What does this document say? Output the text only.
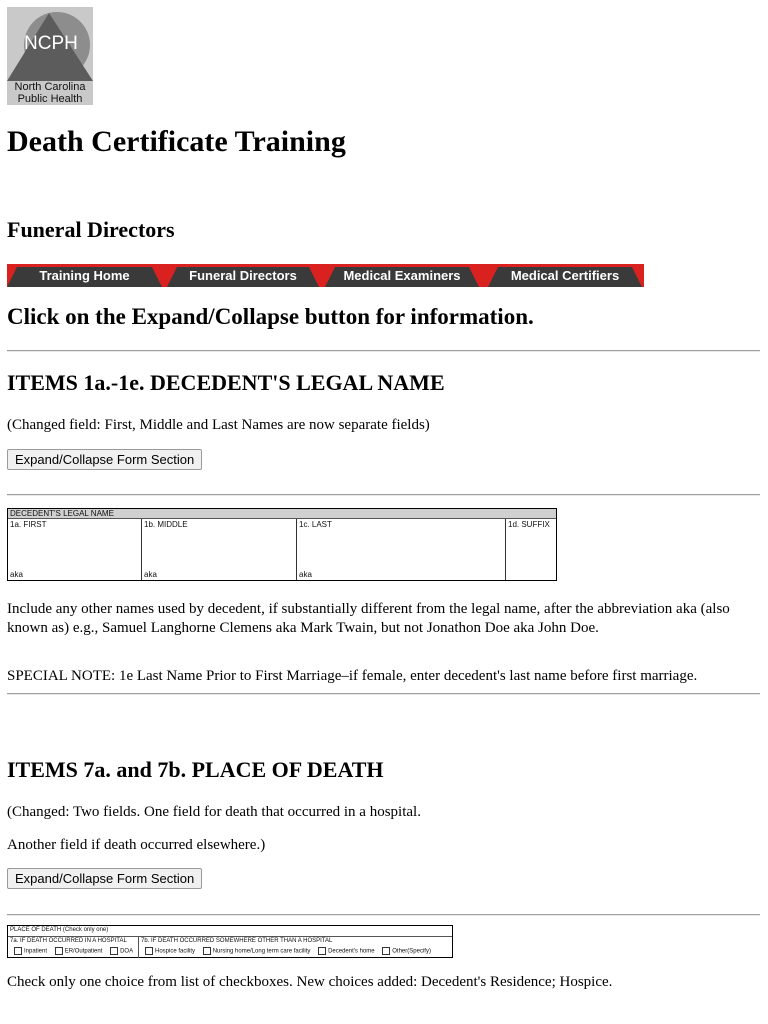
NCPH
North Carolina
Public Health
Death Certificate Training
Funeral Directors
Training Home	Funeral Directors	Medical Examiners	Medical Certifiers
Click on the Expand/Collapse button for information.
ITEMS 1a.-1e. DECEDENT'S LEGAL NAME

(Changed field: First, Middle and Last Names are now separate fields)

Expand/Collapse Form Section
DECEDENT'S LEGAL NAME
1a. FIRST
aka
1b. MIDDLE
aka
1c. LAST
aka
1d. SUFFIX

Include any other names used by decedent, if substantially different from the legal name, after the abbreviation aka (also known as) e.g., Samuel Langhorne Clemens aka Mark Twain, but not Jonathon Doe aka John Doe.

SPECIAL NOTE: 1e Last Name Prior to First Marriage–if female, enter decedent's last name before first marriage.

ITEMS 7a. and 7b. PLACE OF DEATH

(Changed: Two fields. One field for death that occurred in a hospital.

Another field if death occurred elsewhere.)

Expand/Collapse Form Section
PLACE OF DEATH (Check only one)
7a. IF DEATH OCCURRED IN A HOSPITAL
Inpatient	ER/Outpatient	DOA
7b. IF DEATH OCCURRED SOMEWHERE OTHER THAN A HOSPITAL
Hospice facility	Nursing home/Long term care facility	Decedent's home	Other(Specify)

Check only one choice from list of checkboxes. New choices added: Decedent's Residence; Hospice.
